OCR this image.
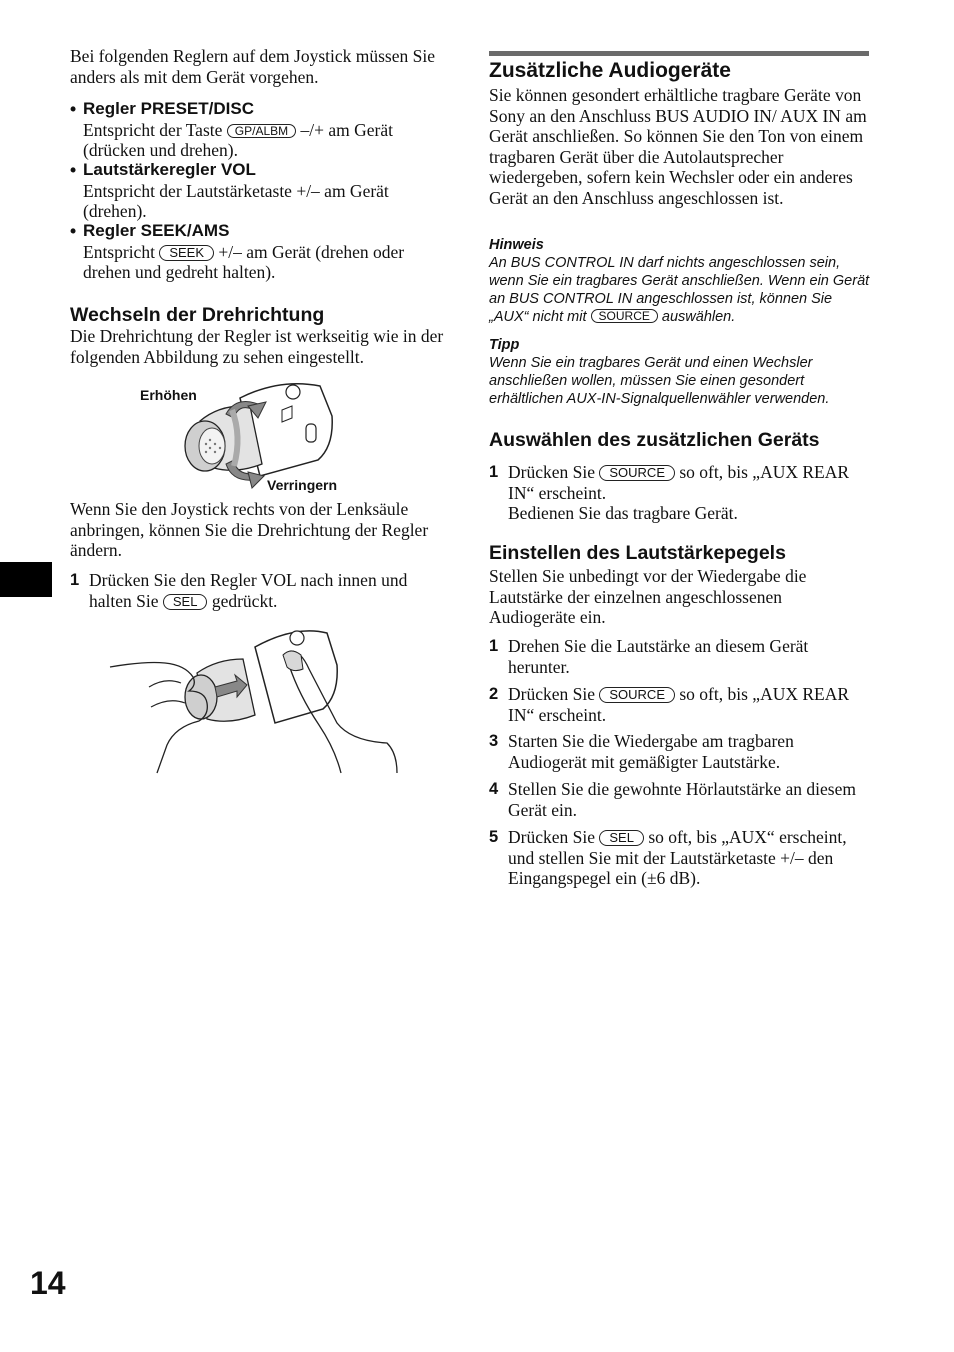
Bei folgenden Reglern auf dem Joystick müssen Sie anders als mit dem Gerät vorgehen.

• Regler PRESET/DISC
Entspricht der Taste GP/ALBM –/+ am Gerät (drücken und drehen).
• Lautstärkeregler VOL
Entspricht der Lautstärketaste +/– am Gerät (drehen).
• Regler SEEK/AMS
Entspricht SEEK +/– am Gerät (drehen oder drehen und gedreht halten).
Wechseln der Drehrichtung

Die Drehrichtung der Regler ist werkseitig wie in der folgenden Abbildung zu sehen eingestellt.

Erhöhen
Verringern

Wenn Sie den Joystick rechts von der Lenksäule anbringen, können Sie die Drehrichtung der Regler ändern.

1 Drücken Sie den Regler VOL nach innen und halten Sie SEL gedrückt.
Zusätzliche Audiogeräte

Sie können gesondert erhältliche tragbare Geräte von Sony an den Anschluss BUS AUDIO IN/ AUX IN am Gerät anschließen. So können Sie den Ton von einem tragbaren Gerät über die Autolautsprecher wiedergeben, sofern kein Wechsler oder ein anderes Gerät an den Anschluss angeschlossen ist.

Hinweis
An BUS CONTROL IN darf nichts angeschlossen sein, wenn Sie ein tragbares Gerät anschließen. Wenn ein Gerät an BUS CONTROL IN angeschlossen ist, können Sie „AUX“ nicht mit SOURCE auswählen.
Tipp
Wenn Sie ein tragbares Gerät und einen Wechsler anschließen wollen, müssen Sie einen gesondert erhältlichen AUX-IN-Signalquellenwähler verwenden.
Auswählen des zusätzlichen Geräts
1 Drücken Sie SOURCE so oft, bis „AUX REAR IN“ erscheint.
Bedienen Sie das tragbare Gerät.
Einstellen des Lautstärkepegels

Stellen Sie unbedingt vor der Wiedergabe die Lautstärke der einzelnen angeschlossenen Audiogeräte ein.

1 Drehen Sie die Lautstärke an diesem Gerät herunter.
2 Drücken Sie SOURCE so oft, bis „AUX REAR IN“ erscheint.
3 Starten Sie die Wiedergabe am tragbaren Audiogerät mit gemäßigter Lautstärke.
4 Stellen Sie die gewohnte Hörlautstärke an diesem Gerät ein.
5 Drücken Sie SEL so oft, bis „AUX“ erscheint, und stellen Sie mit der Lautstärketaste +/– den Eingangspegel ein (±6 dB).
14
